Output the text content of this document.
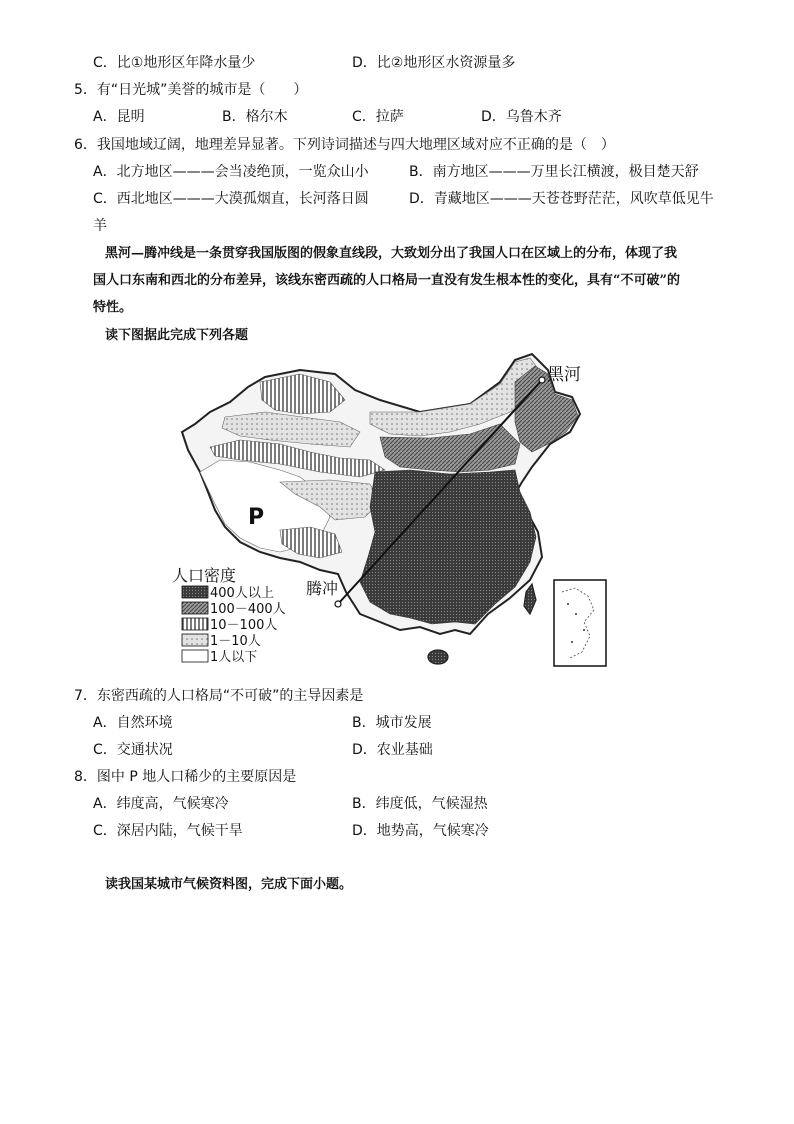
C．比①地形区年降水量少	D．比②地形区水资源量多
5．有“日光城”美誉的城市是（　　）
A．昆明	B．格尔木	C．拉萨	D．乌鲁木齐
6．我国地域辽阔，地理差异显著。下列诗词描述与四大地理区域对应不正确的是（　）
A．北方地区———会当凌绝顶，一览众山小	B．南方地区———万里长江横渡，极目楚天舒
C．西北地区———大漠孤烟直，长河落日圆	D．青藏地区———天苍苍野茫茫，风吹草低见牛
羊
黑河—腾冲线是一条贯穿我国版图的假象直线段，大致划分出了我国人口在区域上的分布，体现了我
国人口东南和西北的分布差异，该线东密西疏的人口格局一直没有发生根本性的变化，具有“不可破”的
特性。
读下图据此完成下列各题
黑河
腾冲
P
人口密度
400人以上
100－400人
10－100人
1－10人
1人以下
7．东密西疏的人口格局“不可破”的主导因素是
A．自然环境	B．城市发展
C．交通状况	D．农业基础
8．图中 P 地人口稀少的主要原因是
A．纬度高，气候寒冷	B．纬度低，气候湿热
C．深居内陆，气候干旱	D．地势高，气候寒冷
读我国某城市气候资料图，完成下面小题。
